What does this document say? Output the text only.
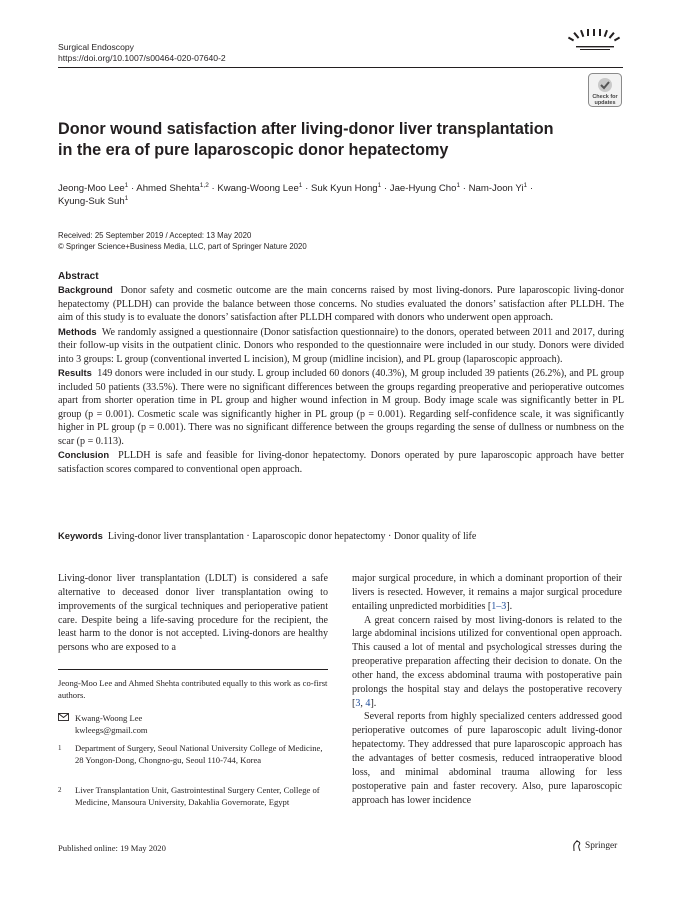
Surgical Endoscopy
https://doi.org/10.1007/s00464-020-07640-2
Check for
updates
Donor wound satisfaction after living-donor liver transplantation
in the era of pure laparoscopic donor hepatectomy
Jeong-Moo Lee$^1$ · Ahmed Shehta$^{1,2}$ · Kwang-Woong Lee$^1$ · Suk Kyun Hong$^1$ · Jae-Hyung Cho$^1$ · Nam-Joon $Yi^1$ ·
Kyung-Suk Suh$^1$
Received: 25 September 2019 / Accepted: 13 May 2020
© Springer Science+Business Media, LLC, part of Springer Nature 2020
Abstract

Background Donor safety and cosmetic outcome are the main concerns raised by most living-donors. Pure laparoscopic living-donor hepatectomy (PLLDH) can provide the balance between those concerns. No studies evaluated the donors’ satisfaction after PLLDH. The aim of this study is to evaluate the donors’ satisfaction after PLLDH compared with donors who underwent open approach.

Methods We randomly assigned a questionnaire (Donor satisfaction questionnaire) to the donors, operated between 2011 and 2017, during their follow-up visits in the outpatient clinic. Donors who responded to the questionnaire were included in our study. Donors were divided into 3 groups: L group (conventional inverted L incision), M group (midline incision), and PL group (laparoscopic approach).

Results 149 donors were included in our study. L group included 60 donors (40.3%), M group included 39 patients (26.2%), and PL group included 50 patients (33.5%). There were no significant differences between the groups regarding preoperative and perioperative outcomes apart from shorter operation time in PL group and higher wound infection in M group. Body image scale was significantly better in PL group (p = 0.001). Cosmetic scale was significantly higher in PL group (p = 0.001). Regarding self-confidence scale, it was significantly higher in PL group (p = 0.001). There was no significant difference between the groups regarding the sense of dullness or numbness on the scar (p = 0.113).

Conclusion PLLDH is safe and feasible for living-donor hepatectomy. Donors operated by pure laparoscopic approach have better satisfaction scores compared to conventional open approach.

Keywords Living-donor liver transplantation · Laparoscopic donor hepatectomy · Donor quality of life

Living-donor liver transplantation (LDLT) is considered a safe alternative to deceased donor liver transplantation owing to improvements of the surgical techniques and perioperative patient care. Despite being a life-saving procedure for the recipient, the least harm to the donor is not accepted. Living-donors are healthy persons who are exposed to a

major surgical procedure, in which a dominant proportion of their livers is resected. However, it remains a major surgical procedure entailing unpredicted morbidities [1–3].

A great concern raised by most living-donors is related to the large abdominal incisions utilized for conventional open approach. This caused a lot of mental and psychological stresses during the preoperative preparation affecting their decision to donate. On the other hand, the excess abdominal trauma with postoperative pain prolongs the hospital stay and delays the postoperative recovery [3, 4].

Several reports from highly specialized centers addressed good perioperative outcomes of pure laparoscopic adult living-donor hepatectomy. They addressed that pure laparoscopic approach has the advantages of better cosmesis, reduced intraoperative blood loss, and minimal abdominal trauma allowing for less postoperative pain and faster recovery. Also, pure laparoscopic approach has lower incidence

Jeong-Moo Lee and Ahmed Shehta contributed equally to this work as co-first authors.
Kwang-Woong Lee
kwleegs@gmail.com
1	Department of Surgery, Seoul National University College of Medicine, 28 Yongon-Dong, Chongno-gu, Seoul 110-744, Korea
2	Liver Transplantation Unit, Gastrointestinal Surgery Center, College of Medicine, Mansoura University, Dakahlia Governorate, Egypt
Published online: 19 May 2020	Springer
